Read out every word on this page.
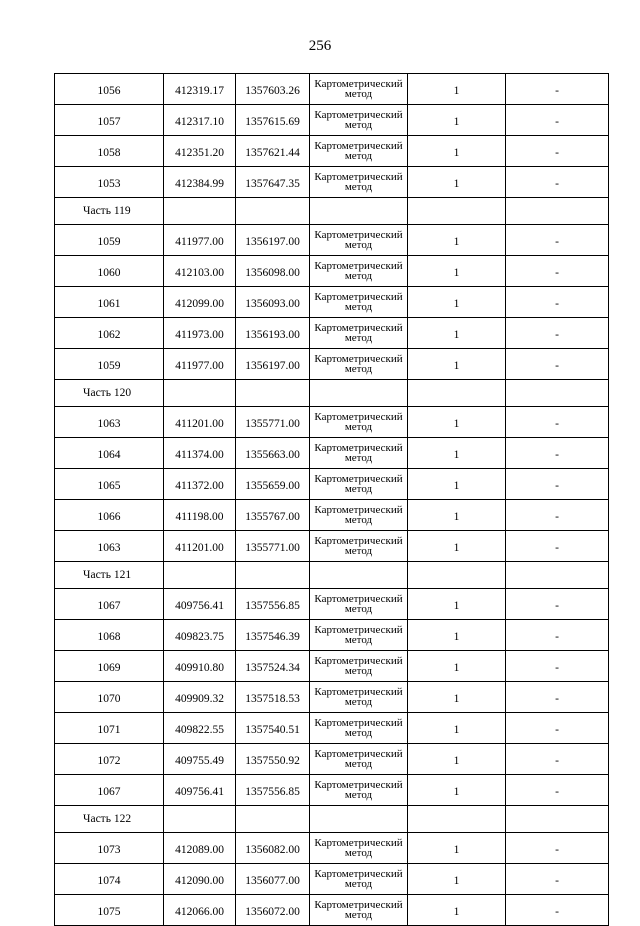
256
1056	412319.17	1357603.26	Картометрический метод	1	-
1057	412317.10	1357615.69	Картометрический метод	1	-
1058	412351.20	1357621.44	Картометрический метод	1	-
1053	412384.99	1357647.35	Картометрический метод	1	-
Часть 119					
1059	411977.00	1356197.00	Картометрический метод	1	-
1060	412103.00	1356098.00	Картометрический метод	1	-
1061	412099.00	1356093.00	Картометрический метод	1	-
1062	411973.00	1356193.00	Картометрический метод	1	-
1059	411977.00	1356197.00	Картометрический метод	1	-
Часть 120					
1063	411201.00	1355771.00	Картометрический метод	1	-
1064	411374.00	1355663.00	Картометрический метод	1	-
1065	411372.00	1355659.00	Картометрический метод	1	-
1066	411198.00	1355767.00	Картометрический метод	1	-
1063	411201.00	1355771.00	Картометрический метод	1	-
Часть 121					
1067	409756.41	1357556.85	Картометрический метод	1	-
1068	409823.75	1357546.39	Картометрический метод	1	-
1069	409910.80	1357524.34	Картометрический метод	1	-
1070	409909.32	1357518.53	Картометрический метод	1	-
1071	409822.55	1357540.51	Картометрический метод	1	-
1072	409755.49	1357550.92	Картометрический метод	1	-
1067	409756.41	1357556.85	Картометрический метод	1	-
Часть 122					
1073	412089.00	1356082.00	Картометрический метод	1	-
1074	412090.00	1356077.00	Картометрический метод	1	-
1075	412066.00	1356072.00	Картометрический метод	1	-
